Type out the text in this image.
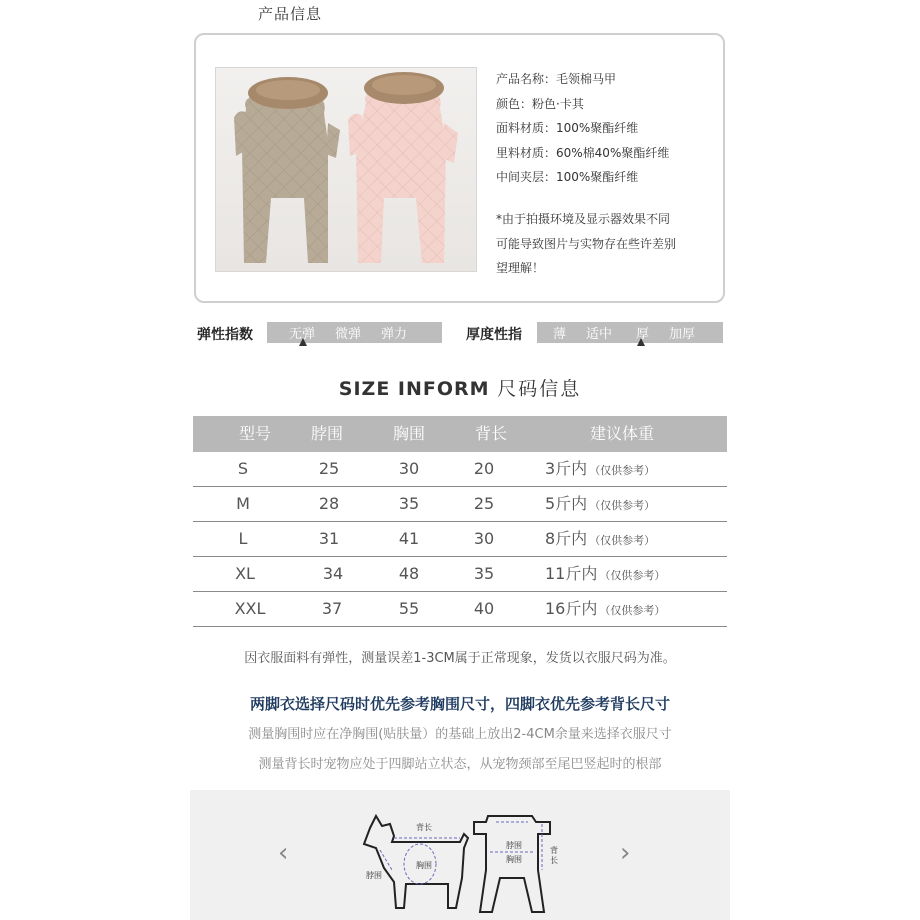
产品信息
产品名称：毛领棉马甲
颜色：粉色·卡其
面料材质：100%聚酯纤维
里料材质：60%棉40%聚酯纤维
中间夹层：100%聚酯纤维
*由于拍摄环境及显示器效果不同
可能导致图片与实物存在些许差别
望理解！
弹性指数	无弹 微弹 弹力	厚度性指 薄 适中 厚 加厚
SIZE INFORM 尺码信息
型号	脖围	胸围	背长	建议体重
S	25	30	20	3斤内 （仅供参考）
M	28	35	25	5斤内 （仅供参考）
L	31	41	30	8斤内 （仅供参考）
XL	34	48	35	11斤内 （仅供参考）
XXL	37	55	40	16斤内 （仅供参考）
因衣服面料有弹性，测量误差1-3CM属于正常现象，发货以衣服尺码为准。
两脚衣选择尺码时优先参考胸围尺寸，四脚衣优先参考背长尺寸
测量胸围时应在净胸围(贴肤量）的基础上放出2-4CM余量来选择衣服尺寸
测量背长时宠物应处于四脚站立状态，从宠物颈部至尾巴竖起时的根部
‹	›
背长
胸围
脖围
脖围
胸围
背长
